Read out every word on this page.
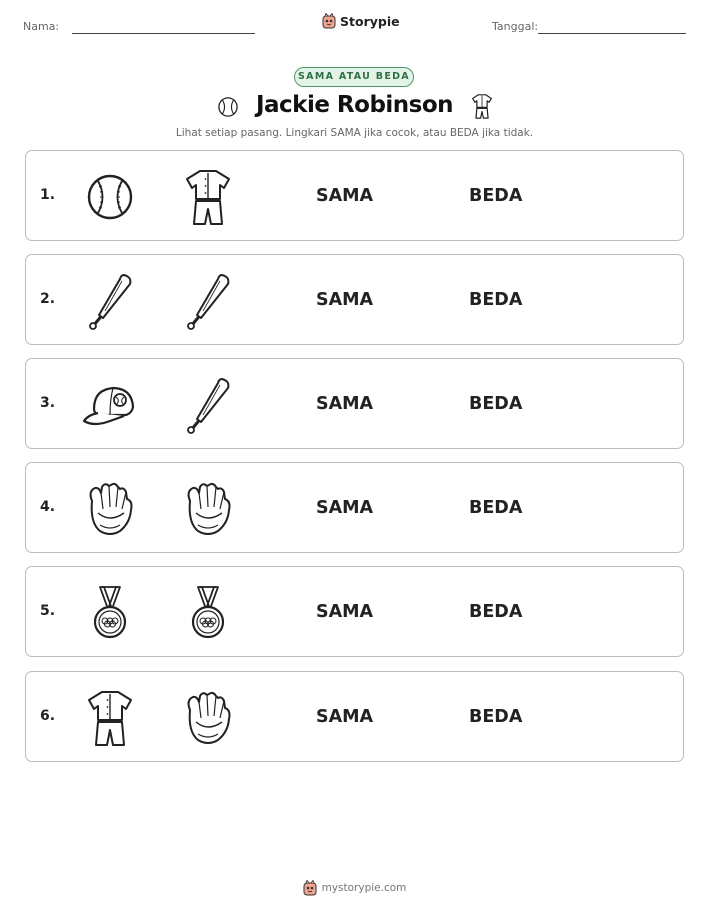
Nama:	Storypie	Tanggal:
SAMA ATAU BEDA
Jackie Robinson
Lihat setiap pasang. Lingkari SAMA jika cocok, atau BEDA jika tidak.
1.	SAMA	BEDA
2.	SAMA	BEDA
3.	SAMA	BEDA
4.	SAMA	BEDA
5.	SAMA	BEDA
6.	SAMA	BEDA
mystorypie.com
